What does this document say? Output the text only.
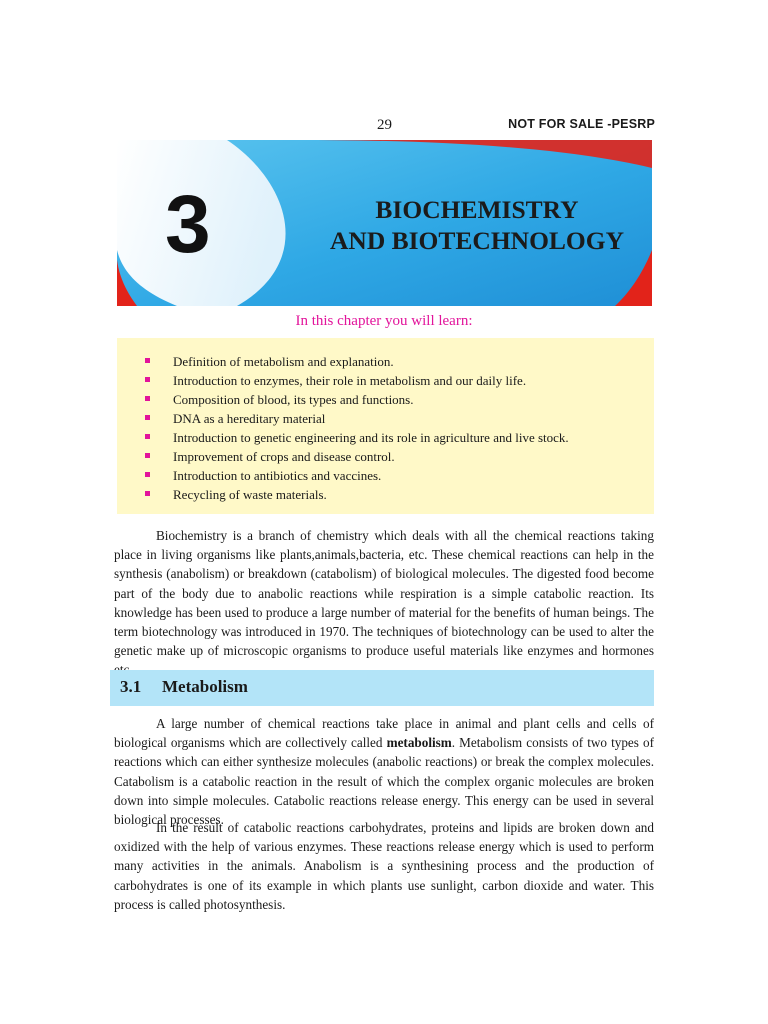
29	NOT FOR SALE -PESRP
3	BIOCHEMISTRY
AND BIOTECHNOLOGY
In this chapter you will learn:
Definition of metabolism and explanation.
Introduction to enzymes, their role in metabolism and our daily life.
Composition of blood, its types and functions.
DNA as a hereditary material
Introduction to genetic engineering and its role in agriculture and live stock.
Improvement of crops and disease control.
Introduction to antibiotics and vaccines.
Recycling of waste materials.

Biochemistry is a branch of chemistry which deals with all the chemical reactions taking place in living organisms like plants,animals,bacteria, etc. These chemical reactions can help in the synthesis (anabolism) or breakdown (catabolism) of biological molecules. The digested food become part of the body due to anabolic reactions while respiration is a simple catabolic reaction. Its knowledge has been used to produce a large number of material for the benefits of human beings. The term biotechnology was introduced in 1970. The techniques of biotechnology can be used to alter the genetic make up of microscopic organisms to produce useful materials like enzymes and hormones

3.1 Metabolism

A large number of chemical reactions take place in animal and plant cells and cells of biological organisms which are collectively called metabolism. Metabolism consists of two types of reactions which can either synthesize molecules (anabolic reactions) or break the complex molecules. Catabolism is a catabolic reaction in the result of which the complex organic molecules are broken down into simple molecules. Catabolic reactions release energy. This energy can be used in several biological processes.

In the result of catabolic reactions carbohydrates, proteins and lipids are broken down and oxidized with the help of various enzymes. These reactions release energy which is used to perform many activities in the animals. Anabolism is a synthesining process and the production of carbohydrates is one of its example in which plants use sunlight, carbon dioxide and water. This process is called photosynthesis.
